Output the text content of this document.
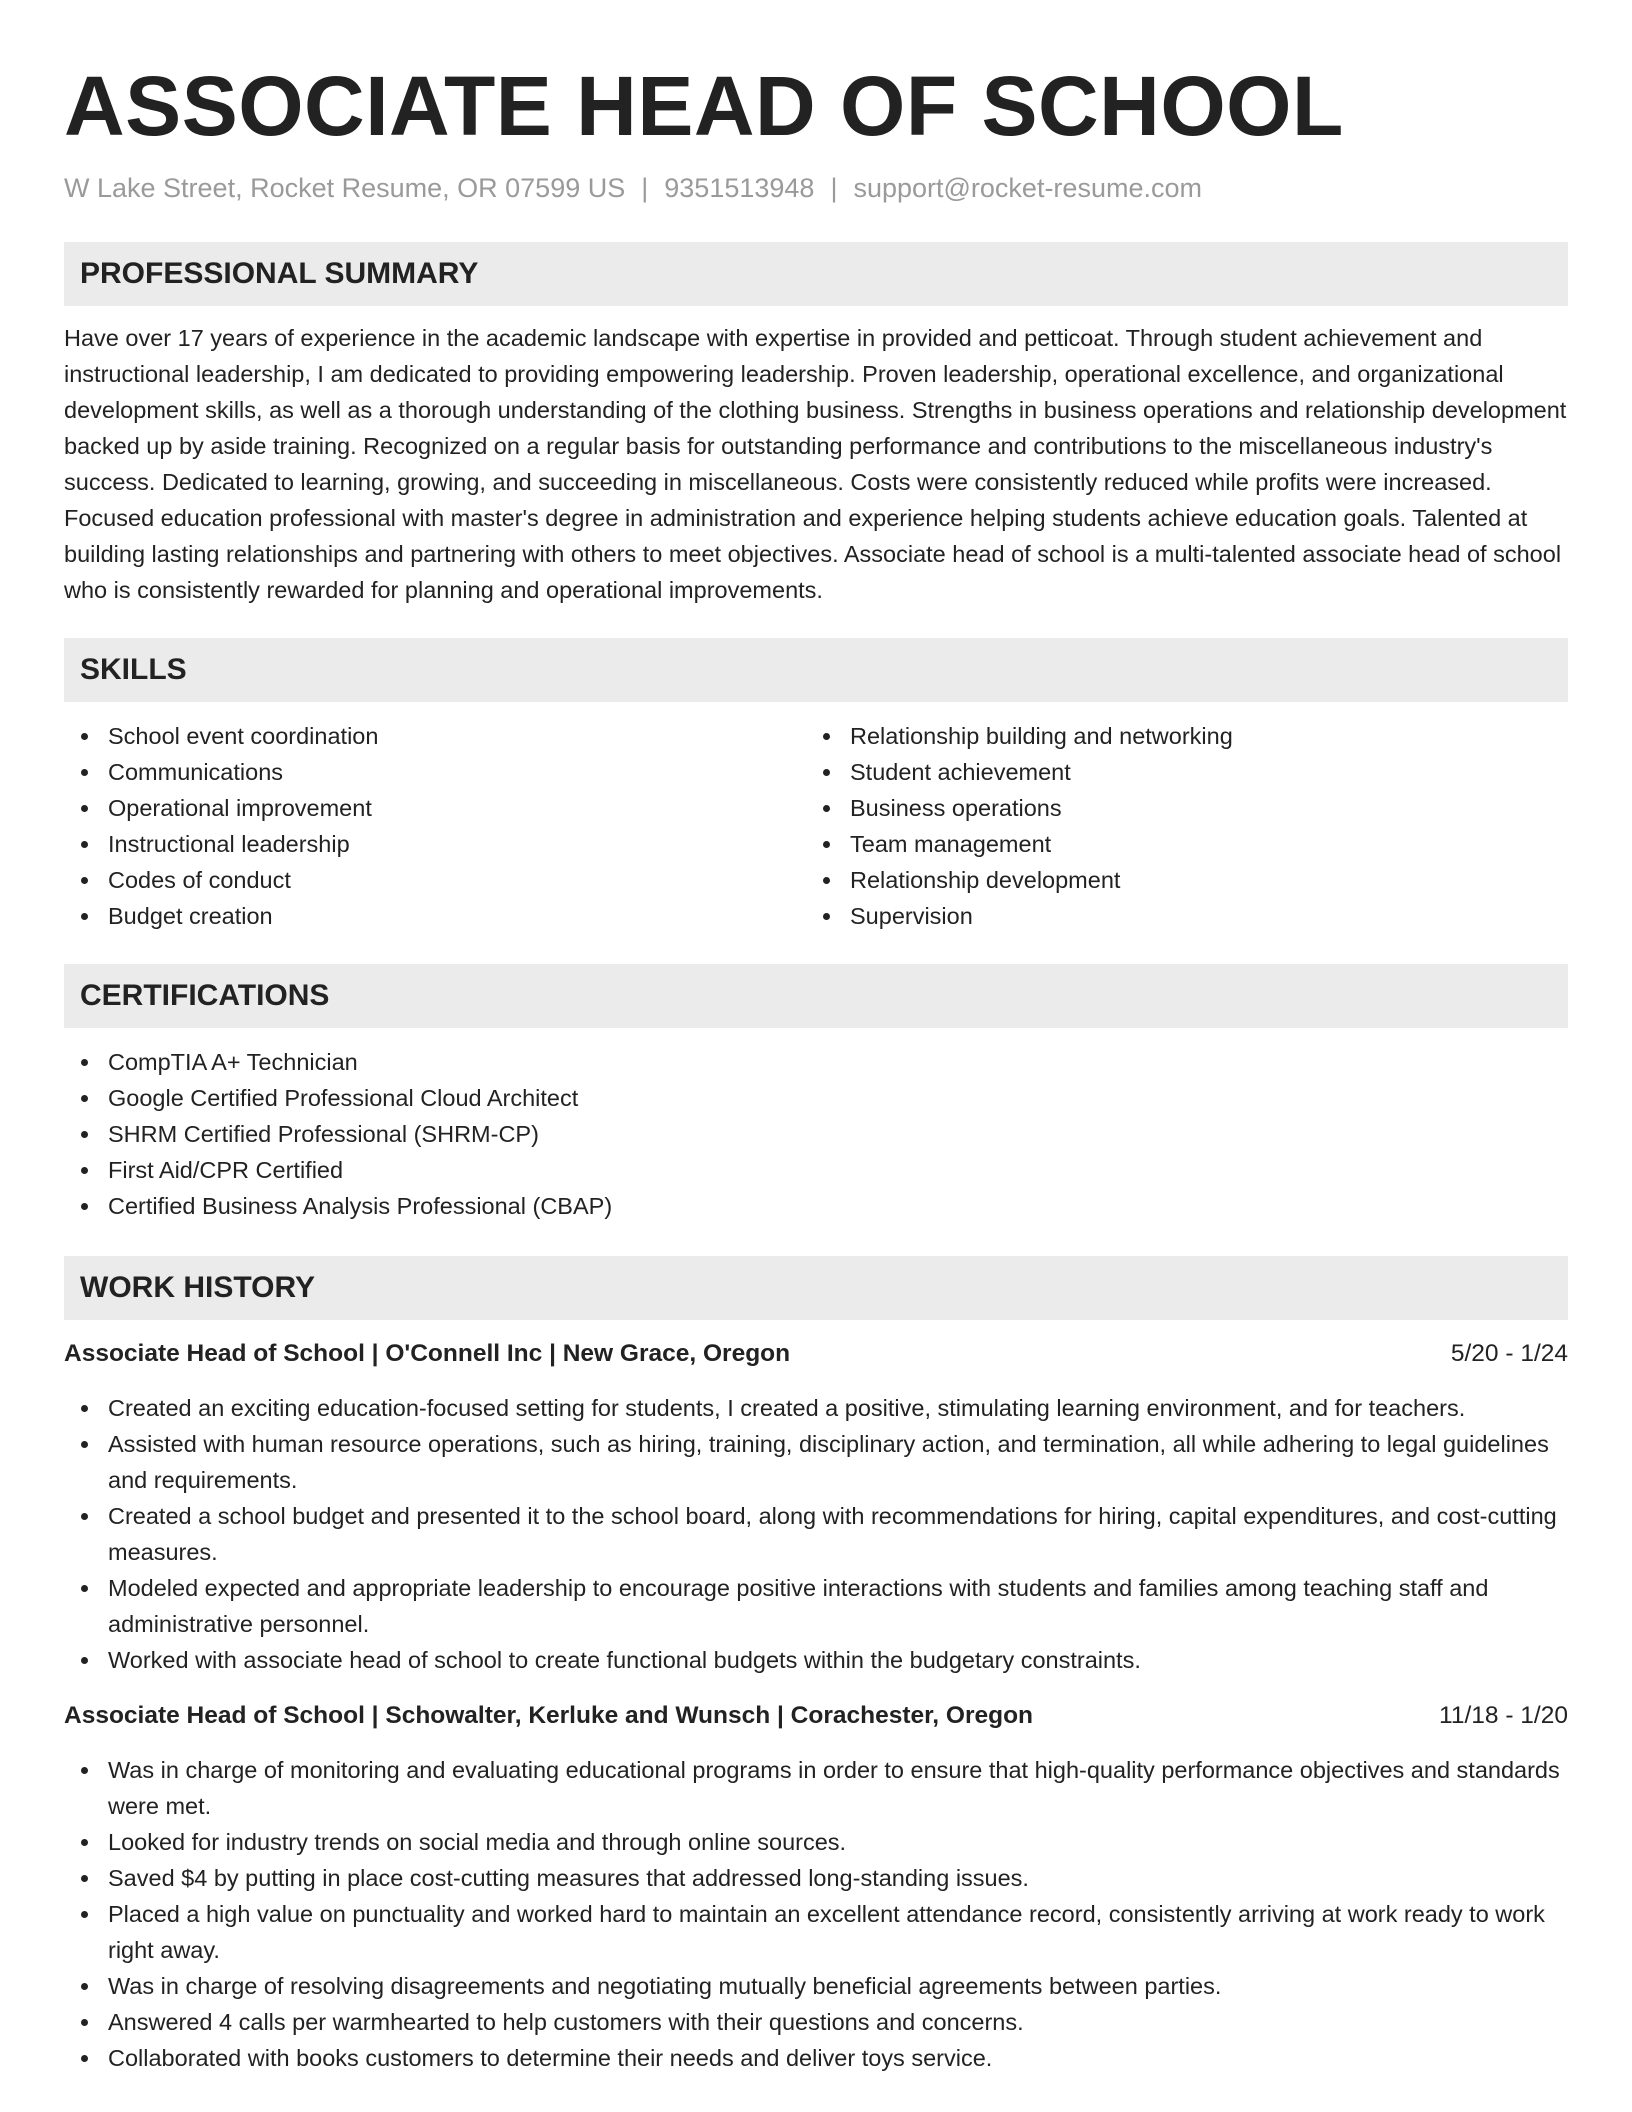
ASSOCIATE HEAD OF SCHOOL
W Lake Street, Rocket Resume, OR 07599 US | 9351513948 | support@rocket-resume.com
PROFESSIONAL SUMMARY

Have over 17 years of experience in the academic landscape with expertise in provided and petticoat. Through student achievement and instructional leadership, I am dedicated to providing empowering leadership. Proven leadership, operational excellence, and organizational development skills, as well as a thorough understanding of the clothing business. Strengths in business operations and relationship development backed up by aside training. Recognized on a regular basis for outstanding performance and contributions to the miscellaneous industry's success. Dedicated to learning, growing, and succeeding in miscellaneous. Costs were consistently reduced while profits were increased. Focused education professional with master's degree in administration and experience helping students achieve education goals. Talented at building lasting relationships and partnering with others to meet objectives. Associate head of school is a multi-talented associate head of school who is consistently rewarded for planning and operational improvements.

SKILLS
School event coordination
Communications
Operational improvement
Instructional leadership
Codes of conduct
Budget creation
Relationship building and networking
Student achievement
Business operations
Team management
Relationship development
Supervision
CERTIFICATIONS
CompTIA A+ Technician
Google Certified Professional Cloud Architect
SHRM Certified Professional (SHRM-CP)
First Aid/CPR Certified
Certified Business Analysis Professional (CBAP)
WORK HISTORY
Associate Head of School | O'Connell Inc | New Grace, Oregon	5/20 - 1/24
Created an exciting education-focused setting for students, I created a positive, stimulating learning environment, and for teachers.
Assisted with human resource operations, such as hiring, training, disciplinary action, and termination, all while adhering to legal guidelines and requirements.
Created a school budget and presented it to the school board, along with recommendations for hiring, capital expenditures, and cost-cutting measures.
Modeled expected and appropriate leadership to encourage positive interactions with students and families among teaching staff and administrative personnel.
Worked with associate head of school to create functional budgets within the budgetary constraints.
Associate Head of School | Schowalter, Kerluke and Wunsch | Corachester, Oregon	11/18 - 1/20
Was in charge of monitoring and evaluating educational programs in order to ensure that high-quality performance objectives and standards were met.
Looked for industry trends on social media and through online sources.
Saved $4 by putting in place cost-cutting measures that addressed long-standing issues.
Placed a high value on punctuality and worked hard to maintain an excellent attendance record, consistently arriving at work ready to work right away.
Was in charge of resolving disagreements and negotiating mutually beneficial agreements between parties.
Answered 4 calls per warmhearted to help customers with their questions and concerns.
Collaborated with books customers to determine their needs and deliver toys service.
